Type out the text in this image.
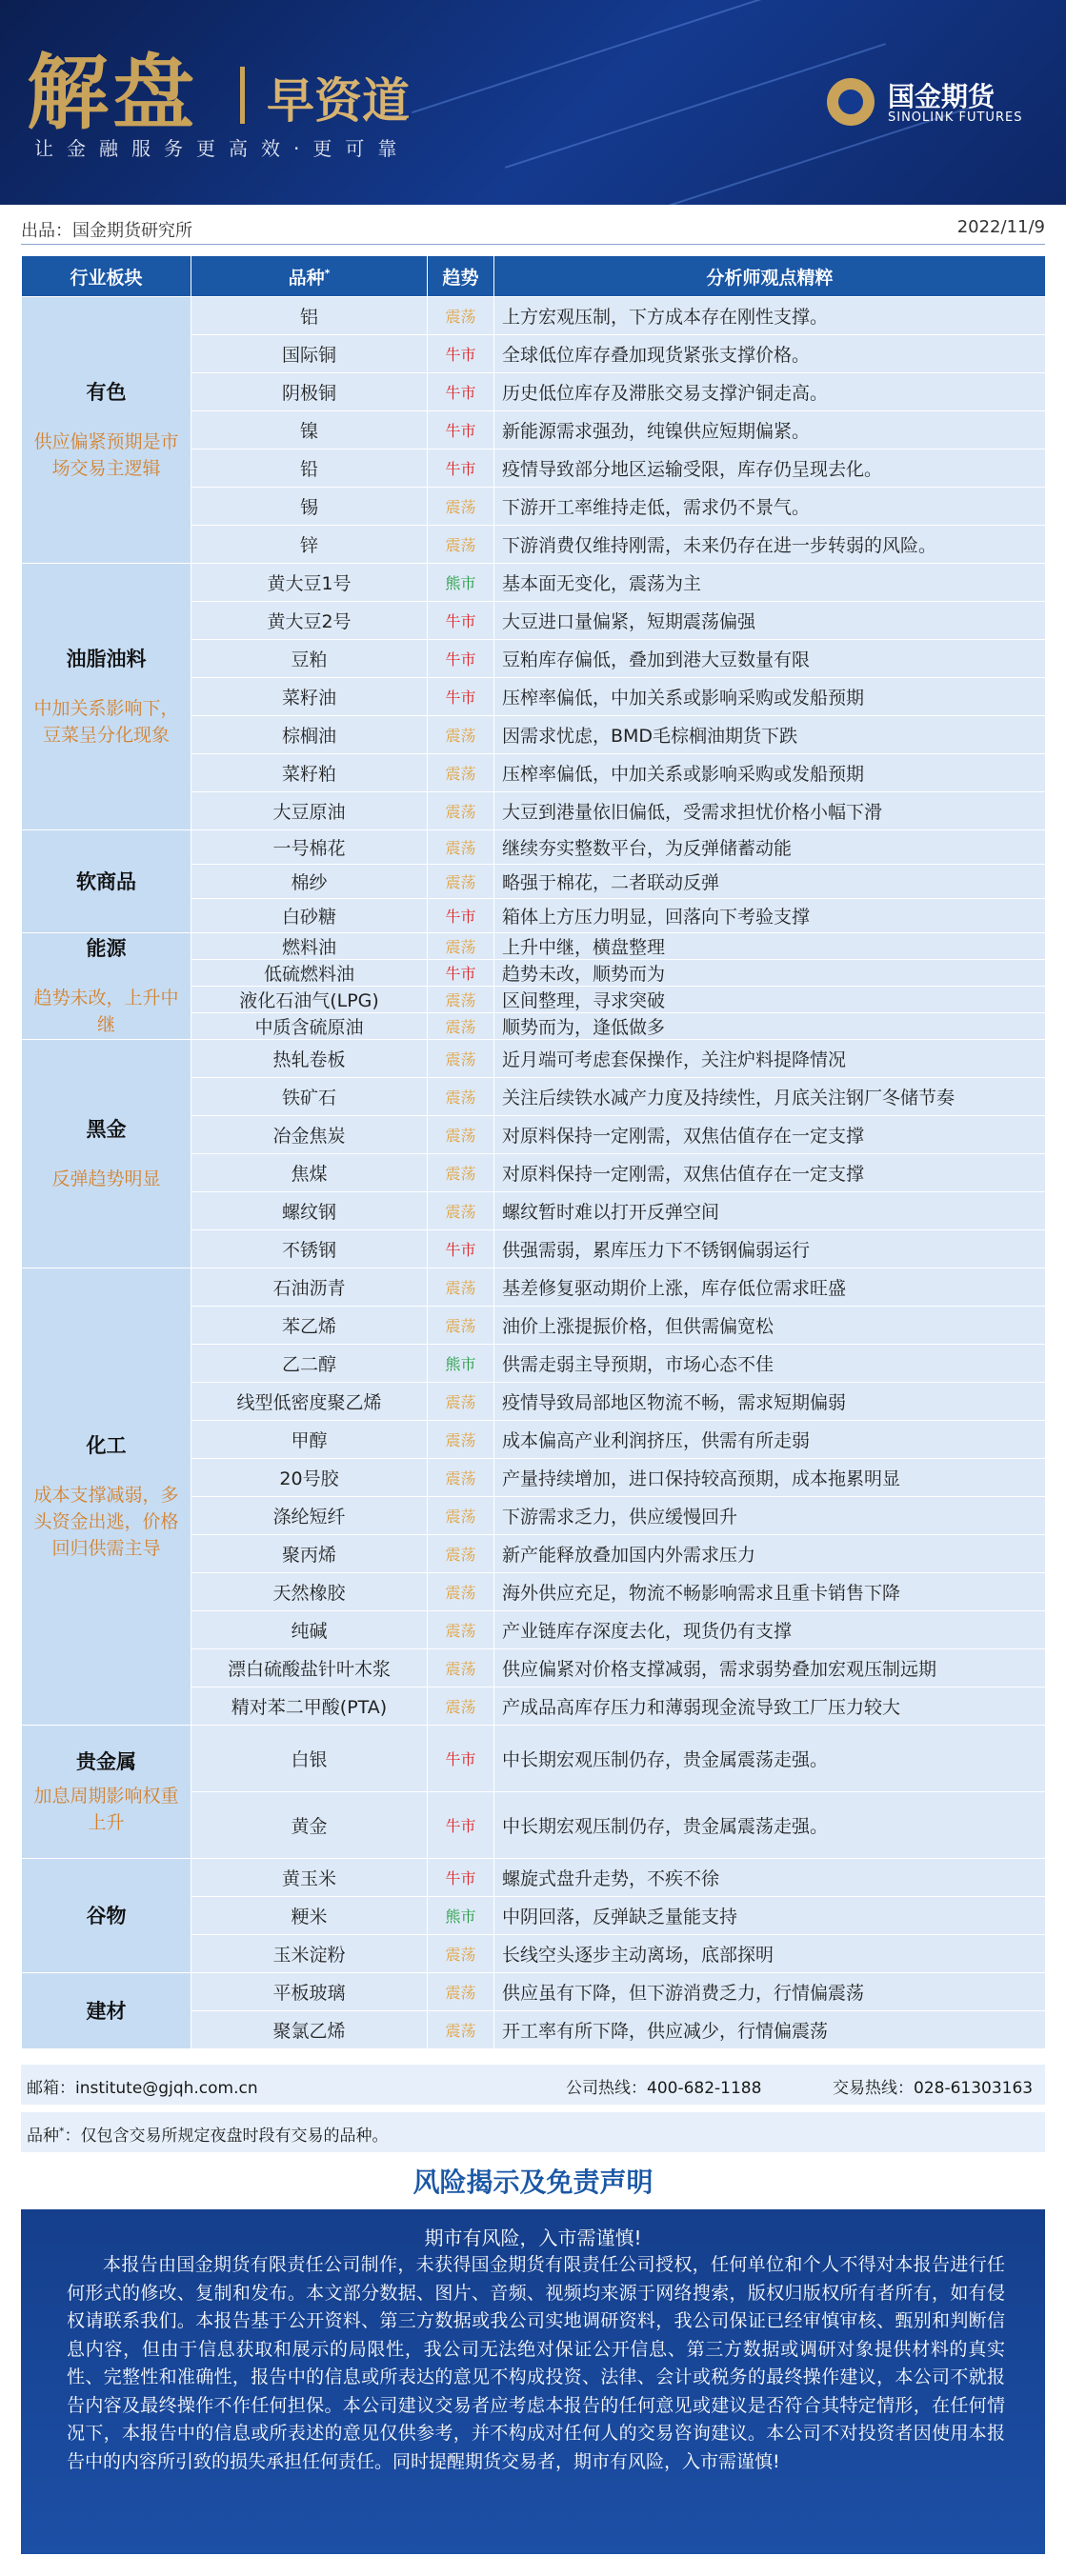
解盘 早资道
让金融服务更高效·更可靠
国金期货
SINOLINK FUTURES
出品：国金期货研究所	2022/11/9
行业板块	品种*	趋势	分析师观点精粹

有色
供应偏紧预期是市场交易主逻辑	铝	震荡	上方宏观压制，下方成本存在刚性支撑。
	国际铜	牛市	全球低位库存叠加现货紧张支撑价格。
	阴极铜	牛市	历史低位库存及滞胀交易支撑沪铜走高。
	镍	牛市	新能源需求强劲，纯镍供应短期偏紧。
	铅	牛市	疫情导致部分地区运输受限，库存仍呈现去化。
	锡	震荡	下游开工率维持走低，需求仍不景气。
	锌	震荡	下游消费仅维持刚需，未来仍存在进一步转弱的风险。

油脂油料
中加关系影响下，豆菜呈分化现象	黄大豆1号	熊市	基本面无变化，震荡为主
	黄大豆2号	牛市	大豆进口量偏紧，短期震荡偏强
	豆粕	牛市	豆粕库存偏低，叠加到港大豆数量有限
	菜籽油	牛市	压榨率偏低，中加关系或影响采购或发船预期
	棕榈油	震荡	因需求忧虑，BMD毛棕榈油期货下跌
	菜籽粕	震荡	压榨率偏低，中加关系或影响采购或发船预期
	大豆原油	震荡	大豆到港量依旧偏低，受需求担忧价格小幅下滑

软商品	一号棉花	震荡	继续夯实整数平台，为反弹储蓄动能
	棉纱	震荡	略强于棉花，二者联动反弹
	白砂糖	牛市	箱体上方压力明显，回落向下考验支撑

能源
趋势未改，上升中继	燃料油	震荡	上升中继，横盘整理
	低硫燃料油	牛市	趋势未改，顺势而为
	液化石油气(LPG)	震荡	区间整理，寻求突破
	中质含硫原油	震荡	顺势而为，逢低做多

黑金
反弹趋势明显	热轧卷板	震荡	近月端可考虑套保操作，关注炉料提降情况
	铁矿石	震荡	关注后续铁水减产力度及持续性，月底关注钢厂冬储节奏
	冶金焦炭	震荡	对原料保持一定刚需，双焦估值存在一定支撑
	焦煤	震荡	对原料保持一定刚需，双焦估值存在一定支撑
	螺纹钢	震荡	螺纹暂时难以打开反弹空间
	不锈钢	牛市	供强需弱，累库压力下不锈钢偏弱运行

化工
成本支撑减弱，多头资金出逃，价格回归供需主导	石油沥青	震荡	基差修复驱动期价上涨，库存低位需求旺盛
	苯乙烯	震荡	油价上涨提振价格，但供需偏宽松
	乙二醇	熊市	供需走弱主导预期，市场心态不佳
	线型低密度聚乙烯	震荡	疫情导致局部地区物流不畅，需求短期偏弱
	甲醇	震荡	成本偏高产业利润挤压，供需有所走弱
	20号胶	震荡	产量持续增加，进口保持较高预期，成本拖累明显
	涤纶短纤	震荡	下游需求乏力，供应缓慢回升
	聚丙烯	震荡	新产能释放叠加国内外需求压力
	天然橡胶	震荡	海外供应充足，物流不畅影响需求且重卡销售下降
	纯碱	震荡	产业链库存深度去化，现货仍有支撑
	漂白硫酸盐针叶木浆	震荡	供应偏紧对价格支撑减弱，需求弱势叠加宏观压制远期
	精对苯二甲酸(PTA)	震荡	产成品高库存压力和薄弱现金流导致工厂压力较大

贵金属
加息周期影响权重上升	白银	牛市	中长期宏观压制仍存，贵金属震荡走强。
	黄金	牛市	中长期宏观压制仍存，贵金属震荡走强。

谷物	黄玉米	牛市	螺旋式盘升走势，不疾不徐
	粳米	熊市	中阴回落，反弹缺乏量能支持
	玉米淀粉	震荡	长线空头逐步主动离场，底部探明

建材	平板玻璃	震荡	供应虽有下降，但下游消费乏力，行情偏震荡
	聚氯乙烯	震荡	开工率有所下降，供应减少，行情偏震荡
邮箱：institute@gjqh.com.cn	公司热线：400-682-1188	交易热线：028-61303163
品种*：仅包含交易所规定夜盘时段有交易的品种。
风险揭示及免责声明
期市有风险，入市需谨慎!
本报告由国金期货有限责任公司制作，未获得国金期货有限责任公司授权，任何单位和个人不得对本报告进行任何形式的修改、复制和发布。本文部分数据、图片、音频、视频均来源于网络搜索，版权归版权所有者所有，如有侵权请联系我们。本报告基于公开资料、第三方数据或我公司实地调研资料，我公司保证已经审慎审核、甄别和判断信息内容，但由于信息获取和展示的局限性，我公司无法绝对保证公开信息、第三方数据或调研对象提供材料的真实性、完整性和准确性，报告中的信息或所表达的意见不构成投资、法律、会计或税务的最终操作建议，本公司不就报告内容及最终操作不作任何担保。本公司建议交易者应考虑本报告的任何意见或建议是否符合其特定情形，在任何情况下，本报告中的信息或所表述的意见仅供参考，并不构成对任何人的交易咨询建议。本公司不对投资者因使用本报告中的内容所引致的损失承担任何责任。同时提醒期货交易者，期市有风险，入市需谨慎!
